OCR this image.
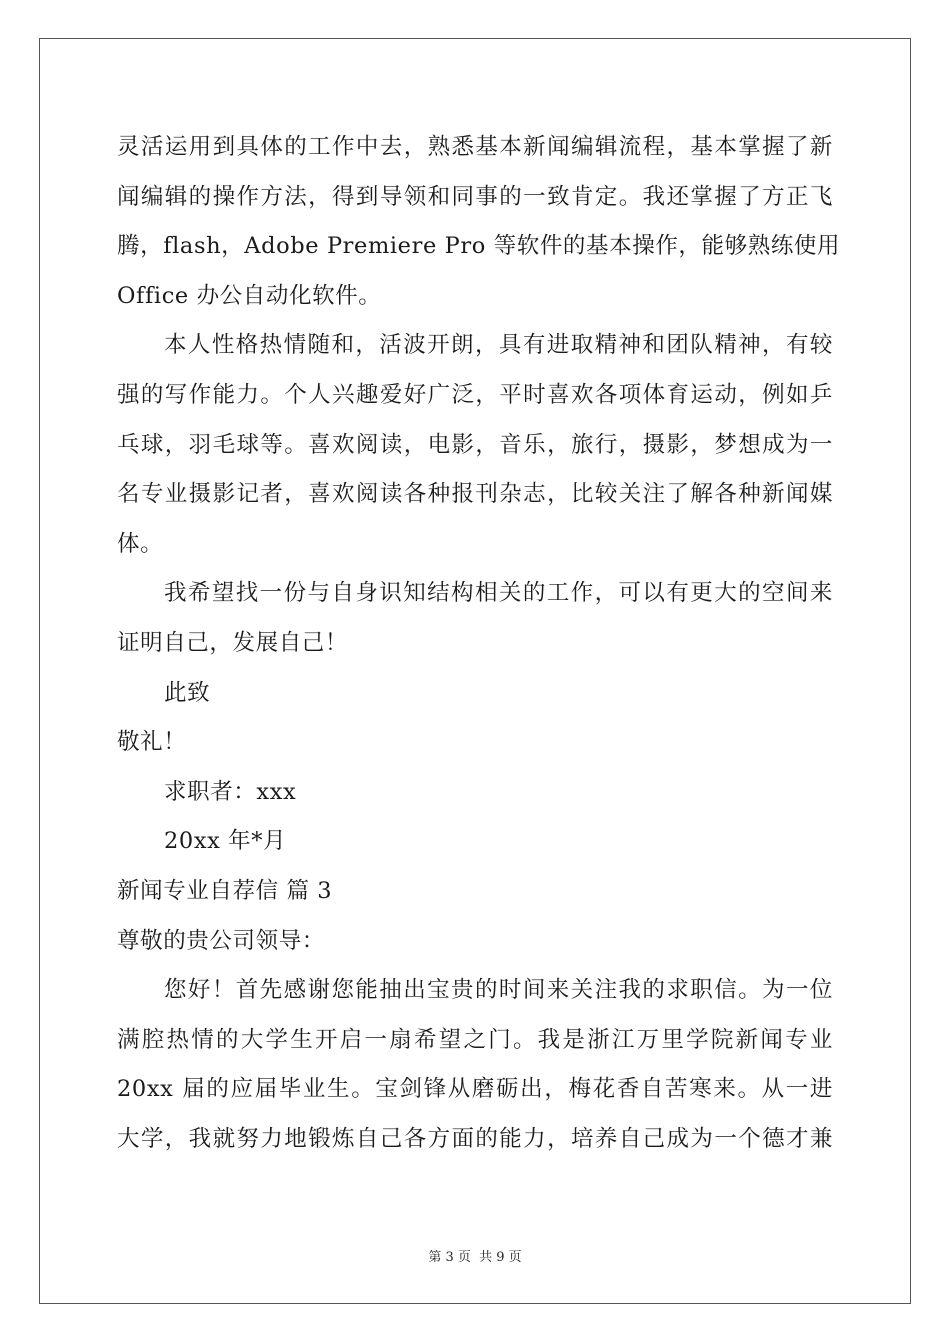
灵活运用到具体的工作中去，熟悉基本新闻编辑流程，基本掌握了新
闻编辑的操作方法，得到导领和同事的一致肯定。我还掌握了方正飞
腾，flash，Adobe Premiere Pro 等软件的基本操作，能够熟练使用
Office 办公自动化软件。
本人性格热情随和，活波开朗，具有进取精神和团队精神，有较
强的写作能力。个人兴趣爱好广泛，平时喜欢各项体育运动，例如乒
乓球，羽毛球等。喜欢阅读，电影，音乐，旅行，摄影，梦想成为一
名专业摄影记者，喜欢阅读各种报刊杂志，比较关注了解各种新闻媒
体。
我希望找一份与自身识知结构相关的工作，可以有更大的空间来
证明自己，发展自己！
此致
敬礼！
求职者：xxx
20xx 年*月
新闻专业自荐信 篇 3
尊敬的贵公司领导：
您好！首先感谢您能抽出宝贵的时间来关注我的求职信。为一位
满腔热情的大学生开启一扇希望之门。我是浙江万里学院新闻专业
20xx 届的应届毕业生。宝剑锋从磨砺出，梅花香自苦寒来。从一进
大学，我就努力地锻炼自己各方面的能力，培养自己成为一个德才兼
第 3 页 共 9 页
